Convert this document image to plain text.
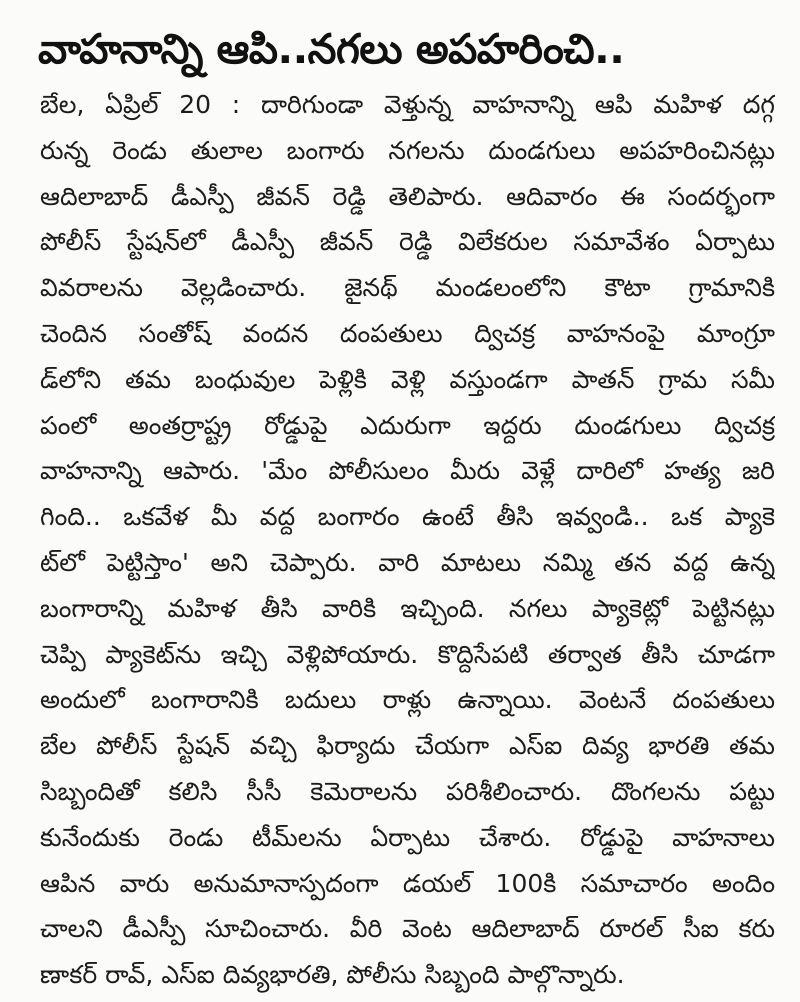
వాహనాన్ని ఆపి..నగలు అపహరించి..
బేల, ఏప్రిల్ 20 : దారిగుండా వెళ్తున్న వాహనాన్ని ఆపి మహిళ దగ్గ
రున్న రెండు తులాల బంగారు నగలను దుండగులు అపహరించినట్లు
ఆదిలాబాద్ డీఎస్పీ జీవన్ రెడ్డి తెలిపారు. ఆదివారం ఈ సందర్భంగా
పోలీస్ స్టేషన్‌లో డీఎస్పీ జీవన్ రెడ్డి విలేకరుల సమావేశం ఏర్పాటు
వివరాలను వెల్లడించారు. జైనథ్ మండలంలోని కౌటా గ్రామానికి
చెందిన సంతోష్ వందన దంపతులు ద్విచక్ర వాహనంపై మాంగ్రూ
డ్‌లోని తమ బంధువుల పెళ్లికి వెళ్లి వస్తుండగా పాతన్ గ్రామ సమీ
పంలో అంతర్రాష్ట్ర రోడ్డుపై ఎదురుగా ఇద్దరు దుండగులు ద్విచక్ర
వాహనాన్ని ఆపారు. 'మేం పోలీసులం మీరు వెళ్లే దారిలో హత్య జరి
గింది.. ఒకవేళ మీ వద్ద బంగారం ఉంటే తీసి ఇవ్వండి.. ఒక ప్యాకె
ట్‌లో పెట్టిస్తాం' అని చెప్పారు. వారి మాటలు నమ్మి తన వద్ద ఉన్న
బంగారాన్ని మహిళ తీసి వారికి ఇచ్చింది. నగలు ప్యాకెట్లో పెట్టినట్లు
చెప్పి ప్యాకెట్‌ను ఇచ్చి వెళ్లిపోయారు. కొద్దిసేపటి తర్వాత తీసి చూడగా
అందులో బంగారానికి బదులు రాళ్లు ఉన్నాయి. వెంటనే దంపతులు
బేల పోలీస్ స్టేషన్ వచ్చి ఫిర్యాదు చేయగా ఎస్ఐ దివ్య భారతి తమ
సిబ్బందితో కలిసి సీసీ కెమెరాలను పరిశీలించారు. దొంగలను పట్టు
కునేందుకు రెండు టీమ్‌లను ఏర్పాటు చేశారు. రోడ్డుపై వాహనాలు
ఆపిన వారు అనుమానాస్పదంగా డయల్ 100కి సమాచారం అందిం
చాలని డీఎస్పీ సూచించారు. వీరి వెంట ఆదిలాబాద్ రూరల్ సీఐ కరు
ణాకర్ రావ్, ఎస్ఐ దివ్యభారతి, పోలీసు సిబ్బంది పాల్గొన్నారు.
